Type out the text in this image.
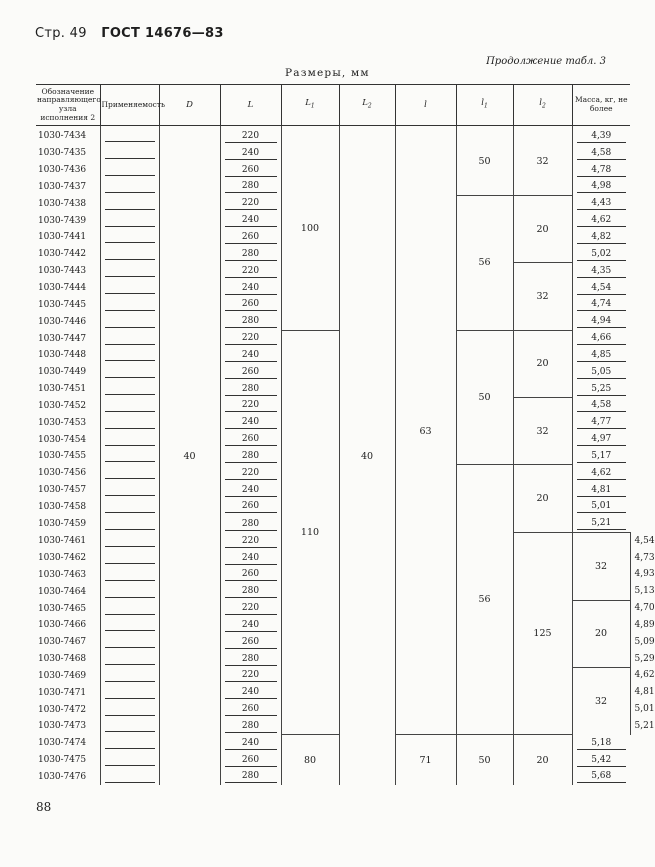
Стр. 49 ГОСТ 14676—83
Продолжение табл. 3
Размеры, мм
Обозначение направляющего узла исполнения 2	Применяемость	D	L	$L_1$	$L_2$	l	$l_1$	$l_2$	Масса, кг, не более	
1030-7434		40	220	100	40	63	50	32	4,39	

1030-7435			240						4,58	

1030-7436			260						4,78	

1030-7437			280						4,98	

1030-7438			220				56	20	4,43	

1030-7439			240						4,62	

1030-7441			260						4,82	

1030-7442			280						5,02	

1030-7443			220					32	4,35	

1030-7444			240						4,54	

1030-7445			260						4,74	

1030-7446			280						4,94	

1030-7447			220	110			50	20	4,66	

1030-7448			240						4,85	

1030-7449			260						5,05	

1030-7451			280						5,25	

1030-7452			220					32	4,58	

1030-7453			240						4,77	

1030-7454			260						4,97	

1030-7455			280						5,17	

1030-7456			220				56	20	4,62	

1030-7457			240						4,81	

1030-7458			260						5,01	

1030-7459			280						5,21	

1030-7461			220					125	32	4,54

1030-7462			240							4,73

1030-7463			260							4,93

1030-7464			280							5,13

1030-7465			220						20	4,70

1030-7466			240							4,89

1030-7467			260							5,09

1030-7468			280							5,29

1030-7469			220						32	4,62

1030-7471			240							4,81

1030-7472			260							5,01

1030-7473			280							5,21

1030-7474			240	80		71	50	20	5,18	

1030-7475			260						5,42	

1030-7476			280						5,68	
88
